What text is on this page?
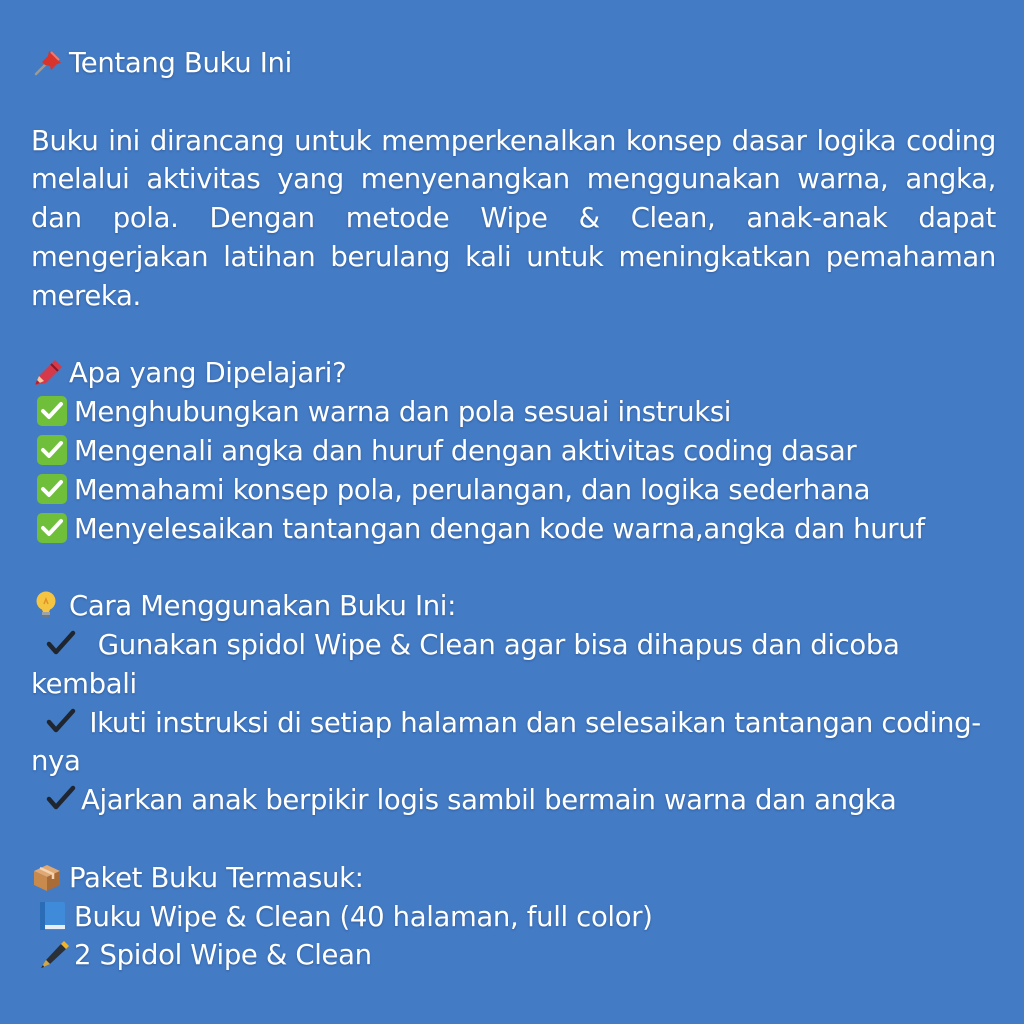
Tentang Buku Ini
Buku ini dirancang untuk memperkenalkan konsep dasar logika coding melalui aktivitas yang menyenangkan menggunakan warna, angka, dan pola. Dengan metode Wipe & Clean, anak-anak dapat mengerjakan latihan berulang kali untuk meningkatkan pemahaman mereka.
Apa yang Dipelajari?
Menghubungkan warna dan pola sesuai instruksi
Mengenali angka dan huruf dengan aktivitas coding dasar
Memahami konsep pola, perulangan, dan logika sederhana
Menyelesaikan tantangan dengan kode warna,angka dan huruf
Cara Menggunakan Buku Ini:
Gunakan spidol Wipe & Clean agar bisa dihapus dan dicoba
kembali
Ikuti instruksi di setiap halaman dan selesaikan tantangan coding-
nya
Ajarkan anak berpikir logis sambil bermain warna dan angka
Paket Buku Termasuk:
Buku Wipe & Clean (40 halaman, full color)
2 Spidol Wipe & Clean
